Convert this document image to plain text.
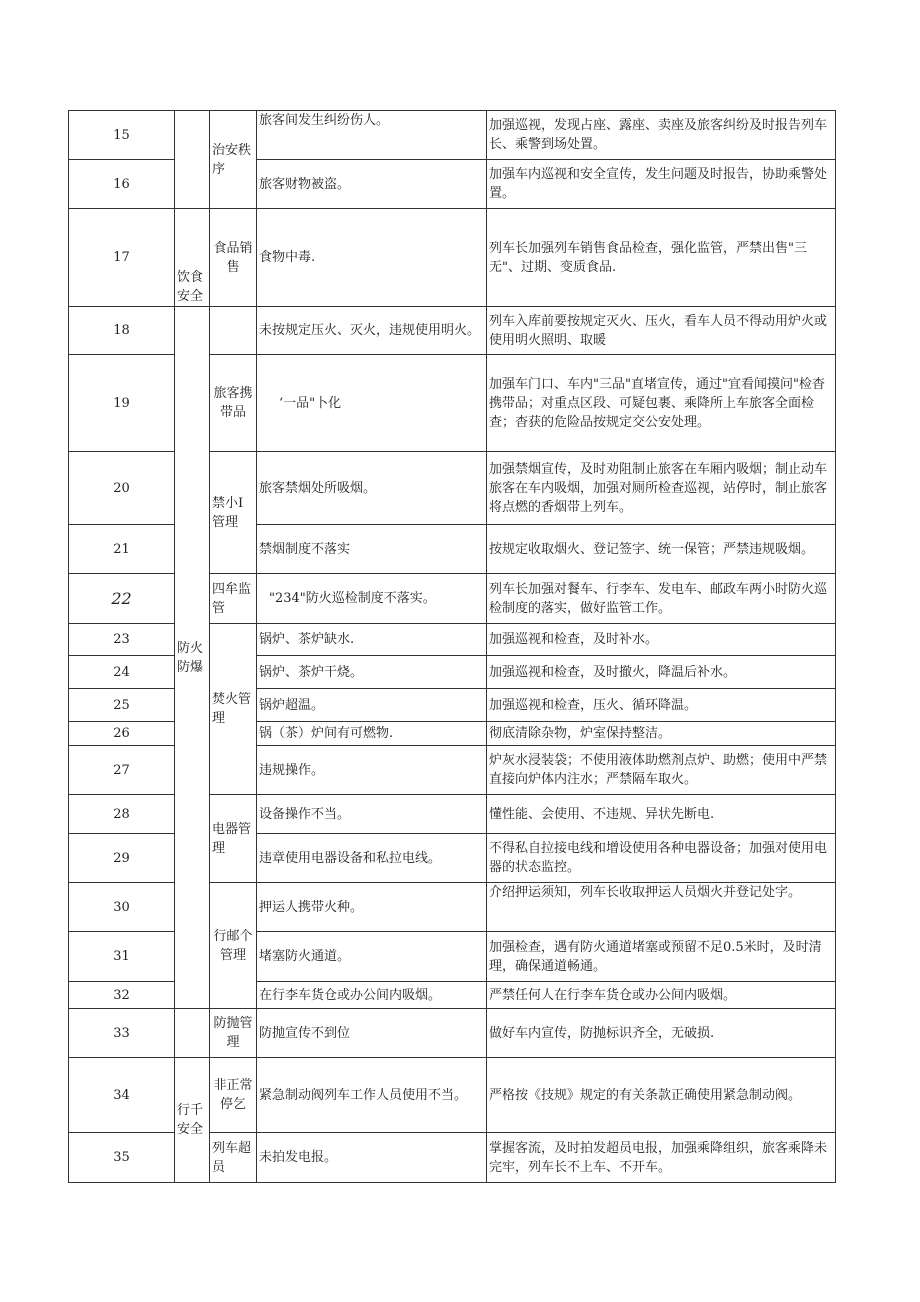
15		治安秩序	旅客间发生纠纷伤人。	加强巡视，发现占座、露座、卖座及旅客纠纷及时报告列车长、乘警到场处置。
16			旅客财物被盗。	加强车内巡视和安全宣传，发生问题及时报告，协助乘警处置。
17	饮食安全	食品销售	食物中毒.	列车长加强列车销售食品检查，强化监管，严禁出售"三无"、过期、变质食品.
18	防火防爆		未按规定压火、灭火，违规使用明火。	列车入库前要按规定灭火、压火，看车人员不得动用炉火或使用明火照明、取暖
19		旅客携带品	‘一品"卜化	加强车门口、车内"三品"直堵宣传，通过"宜看闻摸问"检杳携带品；对重点区段、可疑包裹、乘降所上车旅客全面检查；杳获的危险品按规定交公安处理。
20		禁小I管理	旅客禁烟处所吸烟。	加强禁烟宣传，及时劝阻制止旅客在车厢内吸烟；制止动车旅客在车内吸烟，加强对厕所检查巡视，站停时，制止旅客将点燃的香烟带上列车。
21			禁烟制度不落实	按规定收取烟火、登记签字、统一保管；严禁违规吸烟。
22		四牟监管	"234"防火巡检制度不落实。	列车长加强对餐车、行李车、发电车、邮政车两小时防火巡检制度的落实，做好监管工作。
23		焚火管理	锅炉、茶炉缺水.	加强巡视和检查，及时补水。
24			锅炉、茶炉干烧。	加强巡视和检查，及时撤火，降温后补水。
25			锅炉超温。	加强巡视和检查，压火、循环降温。
26			锅（茶）炉间有可燃物.	彻底清除杂物，炉室保持整洁。
27			违规操作。	炉灰水浸装袋；不使用液体助燃剂点炉、助燃；使用中严禁直接向炉体内注水；严禁隔车取火。
28		电器管理	设备操作不当。	懂性能、会使用、不违规、异状先断电.
29			违章使用电器设备和私拉电线。	不得私自拉接电线和增设使用各种电器设备；加强对使用电器的状态监控。
30		行邮个管理	押运人携带火种。	介绍押运须知，列车长收取押运人员烟火并登记处字。
31			堵塞防火通道。	加强检查，遇有防火通道堵塞或预留不足0.5米时，及时清理，确保通道畅通。
32			在行李车货仓或办公间内吸烟。	严禁任何人在行李车货仓或办公间内吸烟。
33		防抛管理	防抛宣传不到位	做好车内宣传，防抛标识齐全，无破损.
34	行千安全	非正常停乞	紧急制动阀列车工作人员使用不当。	严格按《技规》规定的有关条款正确使用紧急制动阀。
35		列车超员	未拍发电报。	掌握客流，及时拍发超员电报，加强乘降组织，旅客乘降未完牢，列车长不上车、不开车。
